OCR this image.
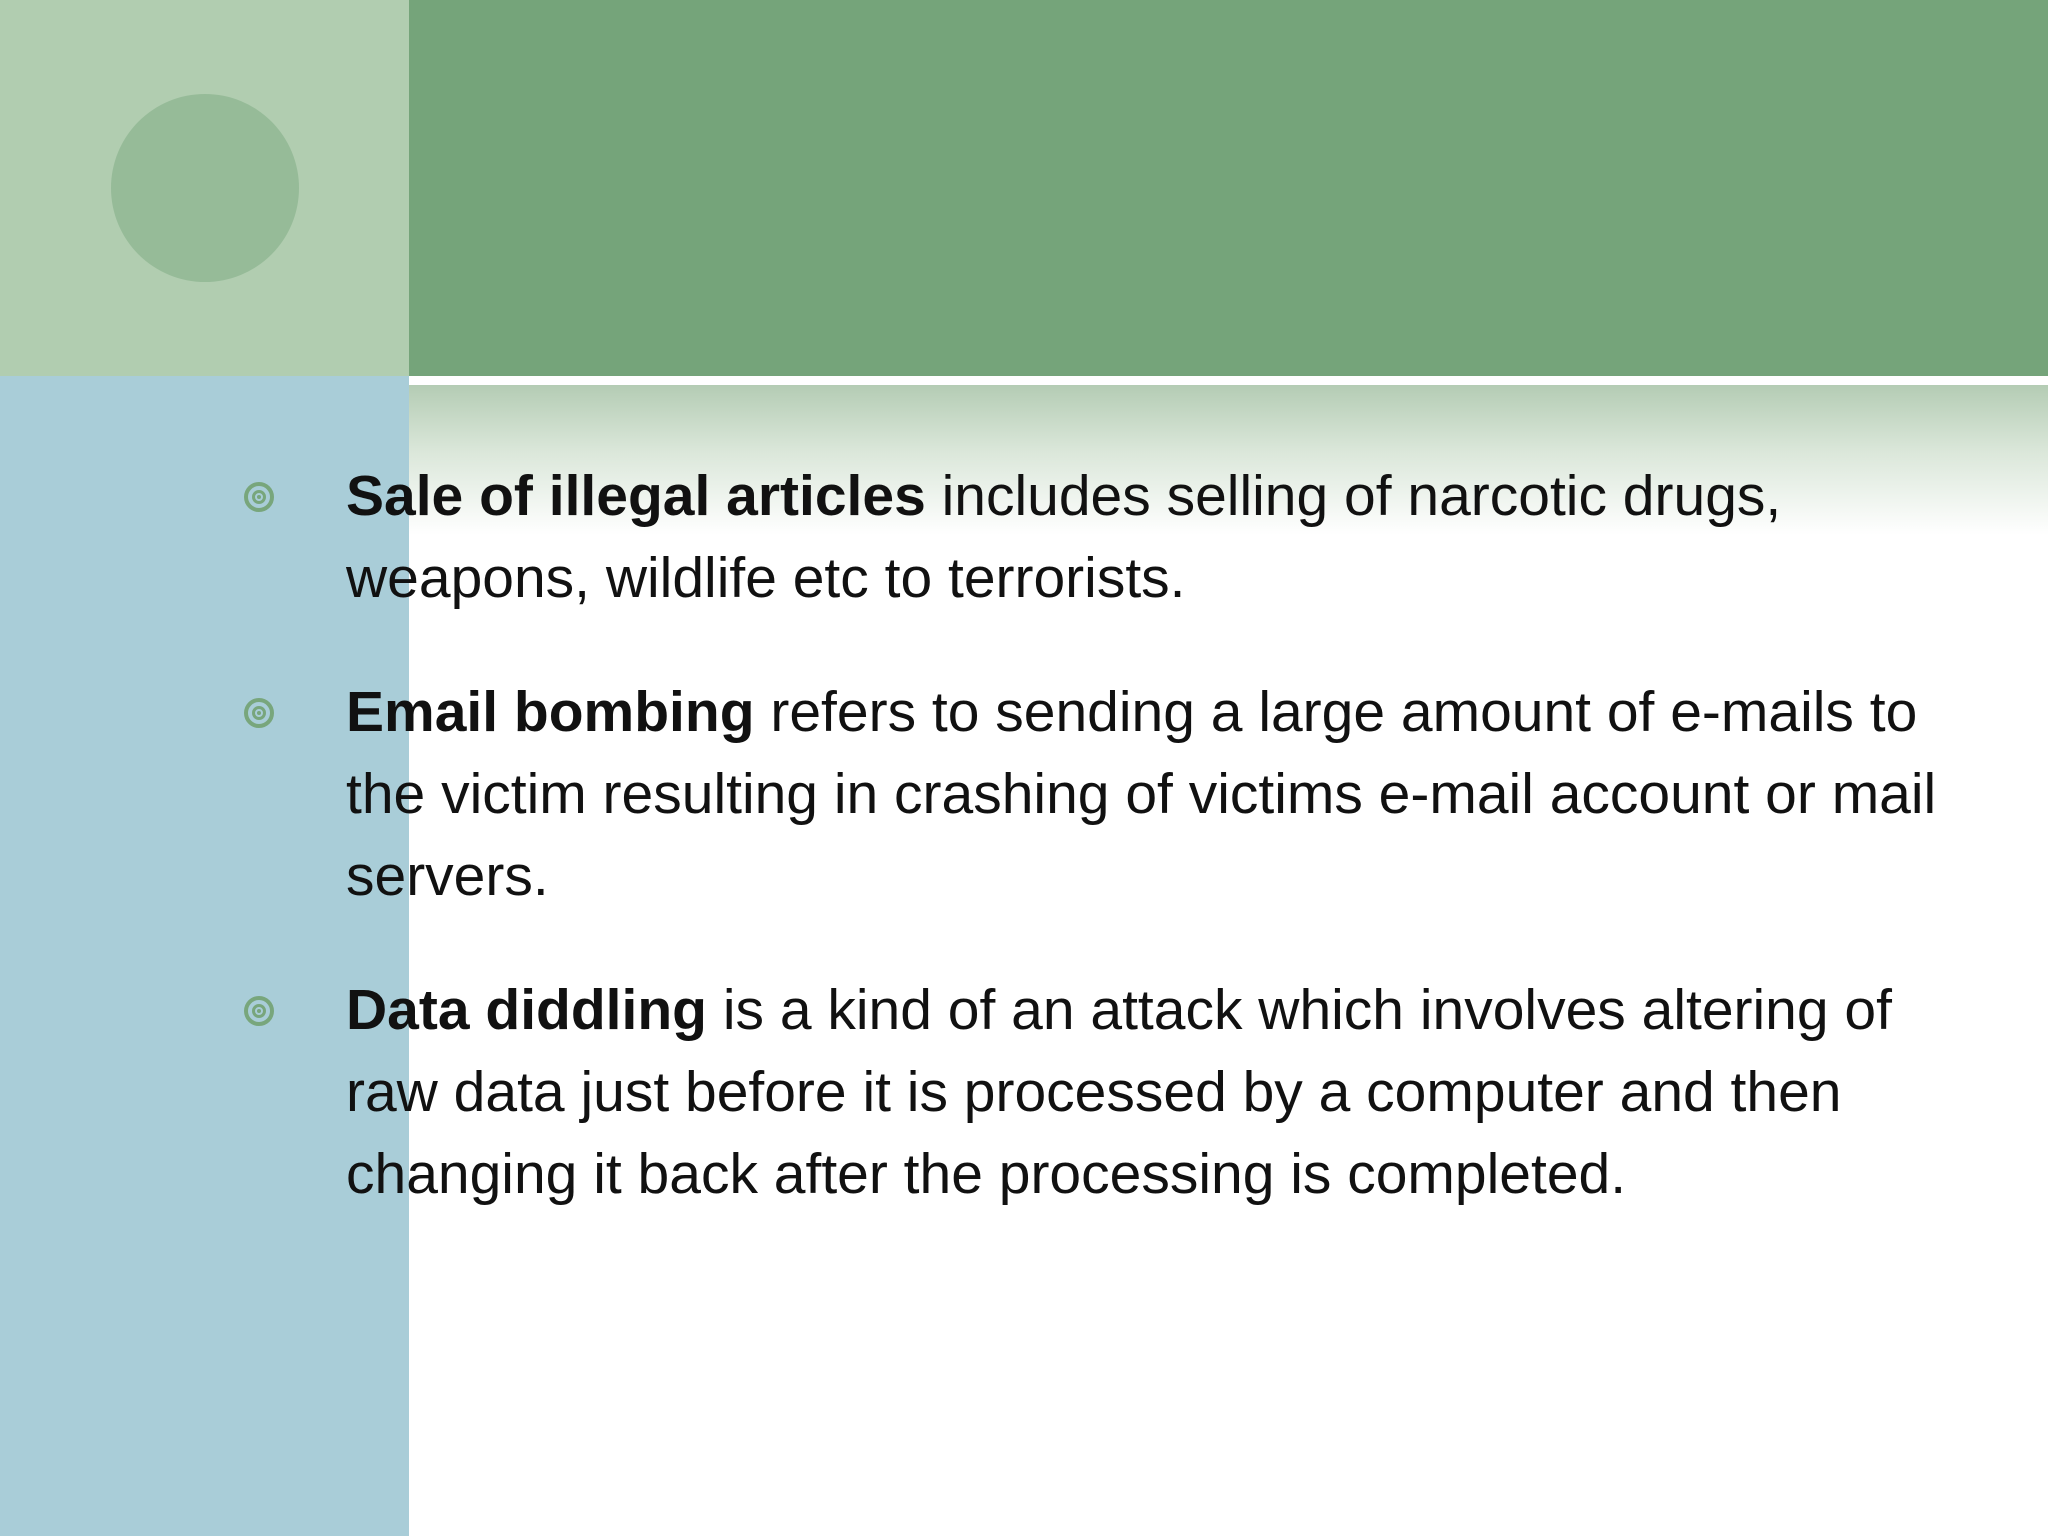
Sale of illegal articles includes selling of narcotic drugs, weapons, wildlife etc to terrorists.
Email bombing refers to sending a large amount of e-mails to the victim resulting in crashing of victims e-mail account or mail servers.
Data diddling is a kind of an attack which involves altering of raw data just before it is processed by a computer and then changing it back after the processing is completed.
